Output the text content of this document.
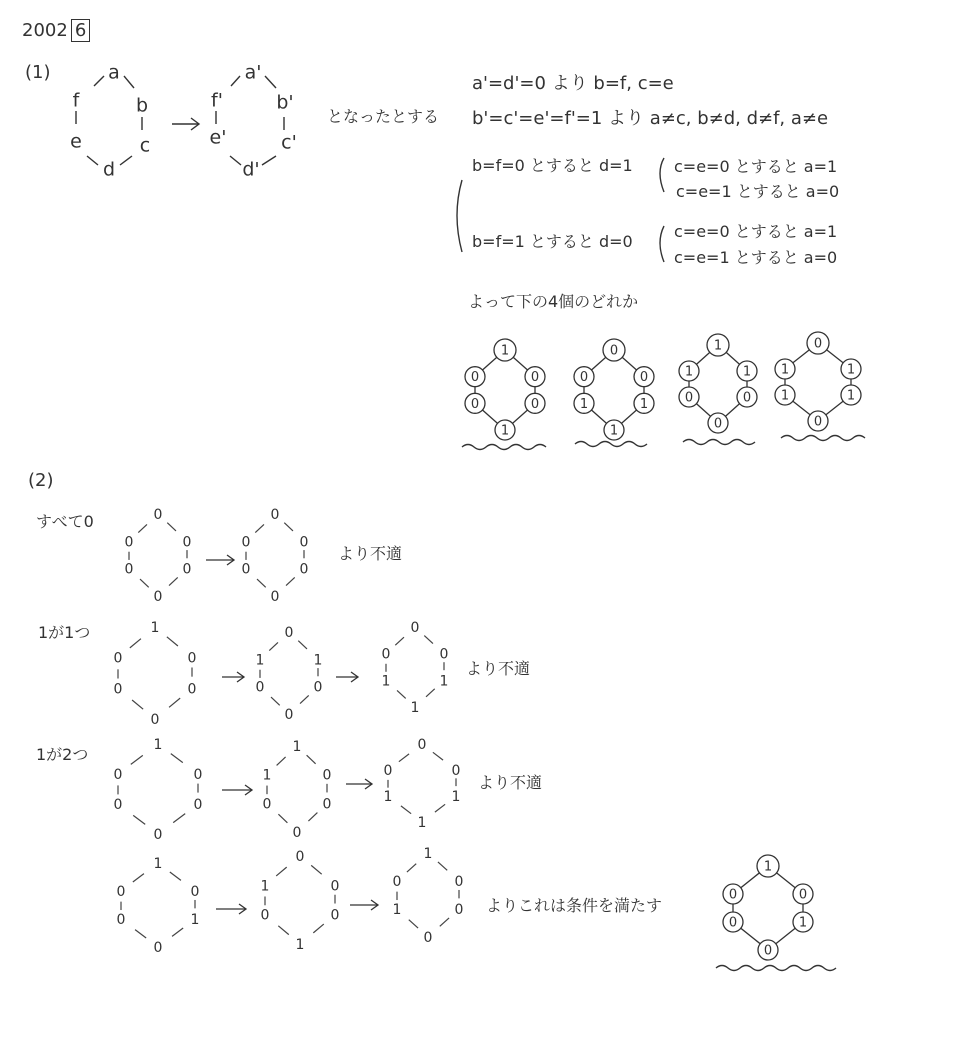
2002 6
(1)	a
b
c
d
e
f
a'
b'
c'
d'
e'
f'
1
0
0
1
0
0
0
0
1
1
1
0
1
1
0
0
0
1
0
1
1
0
1
1
0
0
0
0
0
0
0
0
0
0
0
0
1
0
0
0
0
0
0
1
0
0
0
1
0
0
1
1
1
0
1
0
0
0
0
0
1
0
0
0
0
1
0
0
1
1
1
0
1
0
1
0
0
0
0
0
0
1
0
1
1
0
0
0
1
0
1
0
1
0
0
0
となったとする
a'=d'=0 より b=f, c=e
b'=c'=e'=f'=1 より a≠c, b≠d, d≠f, a≠e
b=f=0 とすると d=1	c=e=0 とすると a=1
c=e=1 とすると a=0
b=f=1 とすると d=0
c=e=0 とすると a=1
c=e=1 とすると a=0
よって下の4個のどれか
(2)
すべて0
より不適
1が1つ
より不適
1が2つ
より不適
よりこれは条件を満たす
